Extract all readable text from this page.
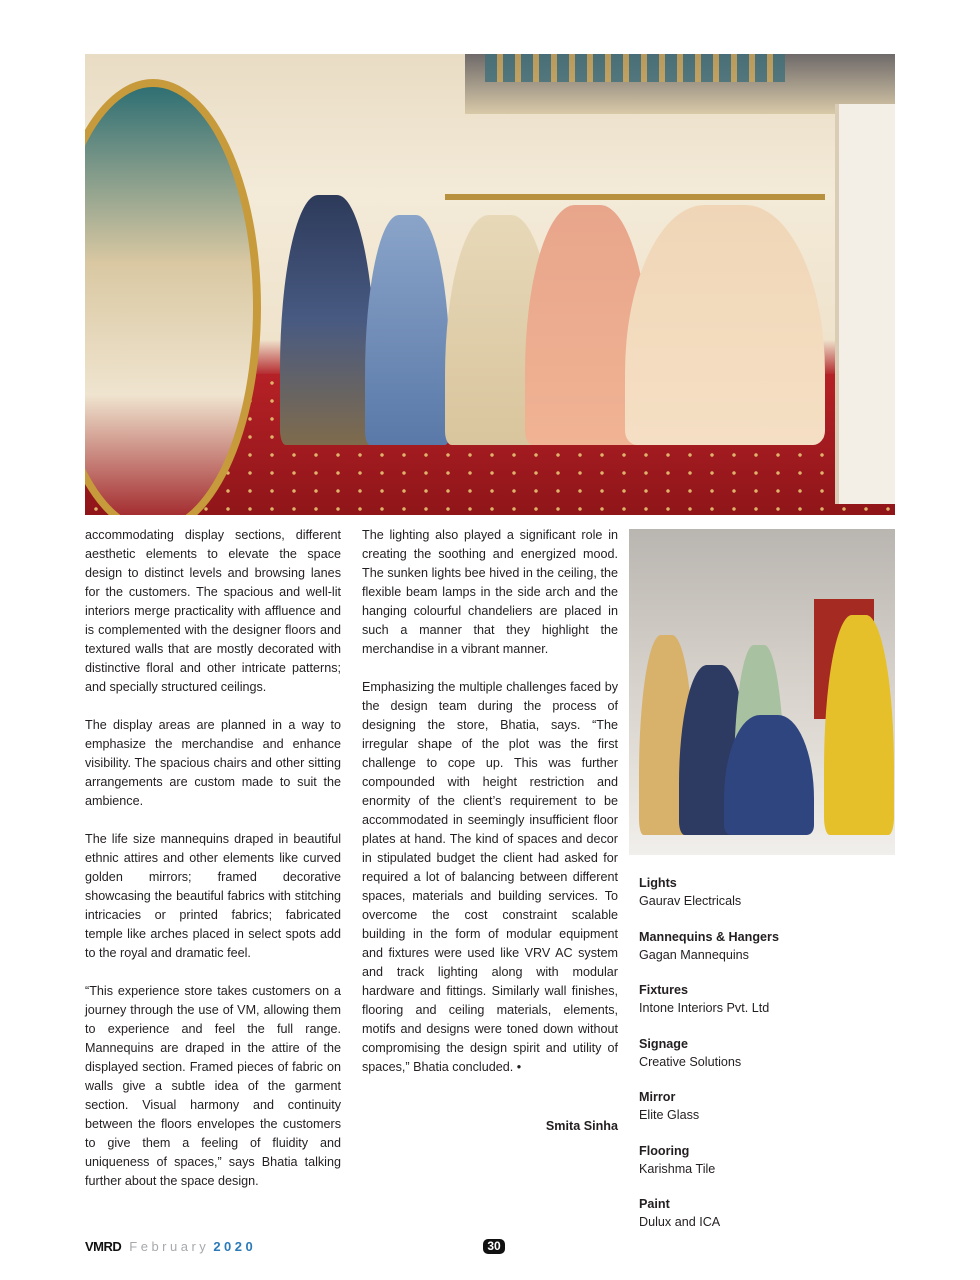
accommodating display sections, different aesthetic elements to elevate the space design to distinct levels and browsing lanes for the customers. The spacious and well-lit interiors merge practicality with affluence and is complemented with the designer floors and textured walls that are mostly decorated with distinctive floral and other intricate patterns; and specially structured ceilings.

The display areas are planned in a way to emphasize the merchandise and enhance visibility. The spacious chairs and other sitting arrangements are custom made to suit the ambience.

The life size mannequins draped in beautiful ethnic attires and other elements like curved golden mirrors; framed decorative showcasing the beautiful fabrics with stitching intricacies or printed fabrics; fabricated temple like arches placed in select spots add to the royal and dramatic feel.

“This experience store takes customers on a journey through the use of VM, allowing them to experience and feel the full range. Mannequins are draped in the attire of the displayed section. Framed pieces of fabric on walls give a subtle idea of the garment section. Visual harmony and continuity between the floors envelopes the customers to give them a feeling of fluidity and uniqueness of spaces,” says Bhatia talking further about the space design.

The lighting also played a significant role in creating the soothing and energized mood. The sunken lights bee hived in the ceiling, the flexible beam lamps in the side arch and the hanging colourful chandeliers are placed in such a manner that they highlight the merchandise in a vibrant manner.

Emphasizing the multiple challenges faced by the design team during the process of designing the store, Bhatia, says. “The irregular shape of the plot was the first challenge to cope up. This was further compounded with height restriction and enormity of the client’s requirement to be accommodated in seemingly insufficient floor plates at hand. The kind of spaces and decor in stipulated budget the client had asked for required a lot of balancing between different spaces, materials and building services. To overcome the cost constraint scalable building in the form of modular equipment and fixtures were used like VRV AC system and track lighting along with modular hardware and fittings. Similarly wall finishes, flooring and ceiling materials, elements, motifs and designs were toned down without compromising the design spirit and utility of spaces,” Bhatia concluded. •

Smita Sinha
Lights
Gaurav Electricals
Mannequins & Hangers
Gagan Mannequins
Fixtures
Intone Interiors Pvt. Ltd
Signage
Creative Solutions
Mirror
Elite Glass
Flooring
Karishma Tile
Paint
Dulux and ICA
VMRD February 2020	30
